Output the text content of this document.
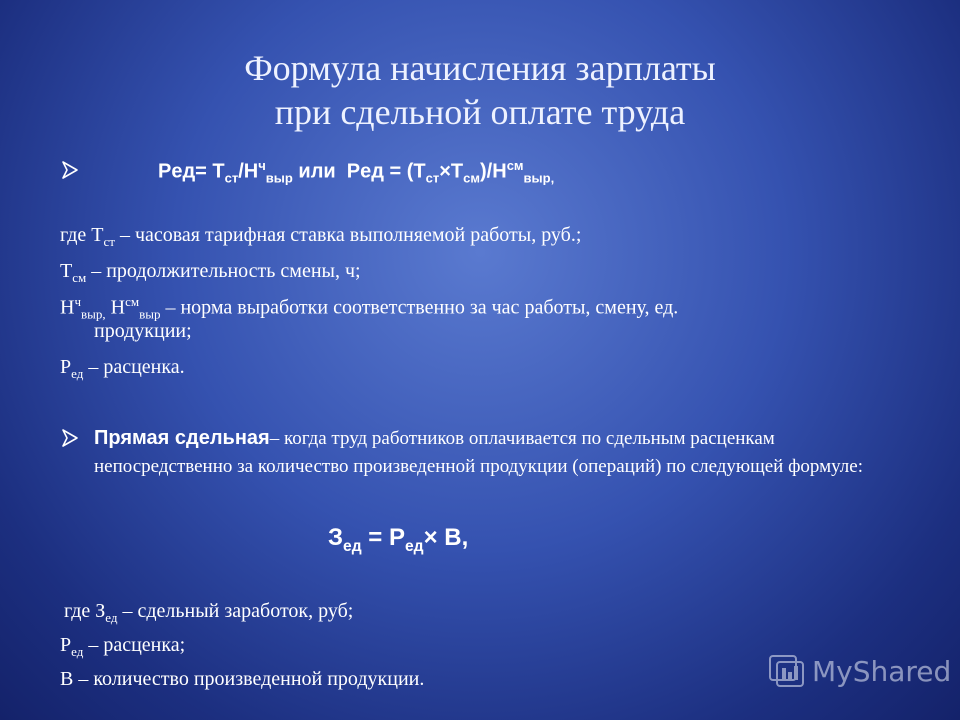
Формула начисления зарплаты
при сдельной оплате труда
$Рeд= Т_{ст}/Н^ч_{выр}$ или  Рeд = $(Т_{ст}\times Т_{см})/Н^{см}_{выр,}$
где $Т_{ст}$ – часовая тарифная ставка выполняемой работы, руб.;
$Т_{см}$ – продолжительность смены, ч;
$Н^ч_{выр,}$ $Н^{см}_{выр}$ – норма выработки соответственно за час работы, смену, ед.
продукции;
$Р_{ед}$ – расценка.
Прямая сдельная– когда труд работников оплачивается по сдельным расценкам непосредственно за количество произведенной продукции (операций) по следующей формуле:
$З_{ед} = Р_{ед}\times В$,
где $З_{ед}$ – сдельный заработок, руб;
$Р_{ед}$ – расценка;
В – количество произведенной продукции.	MyShared
